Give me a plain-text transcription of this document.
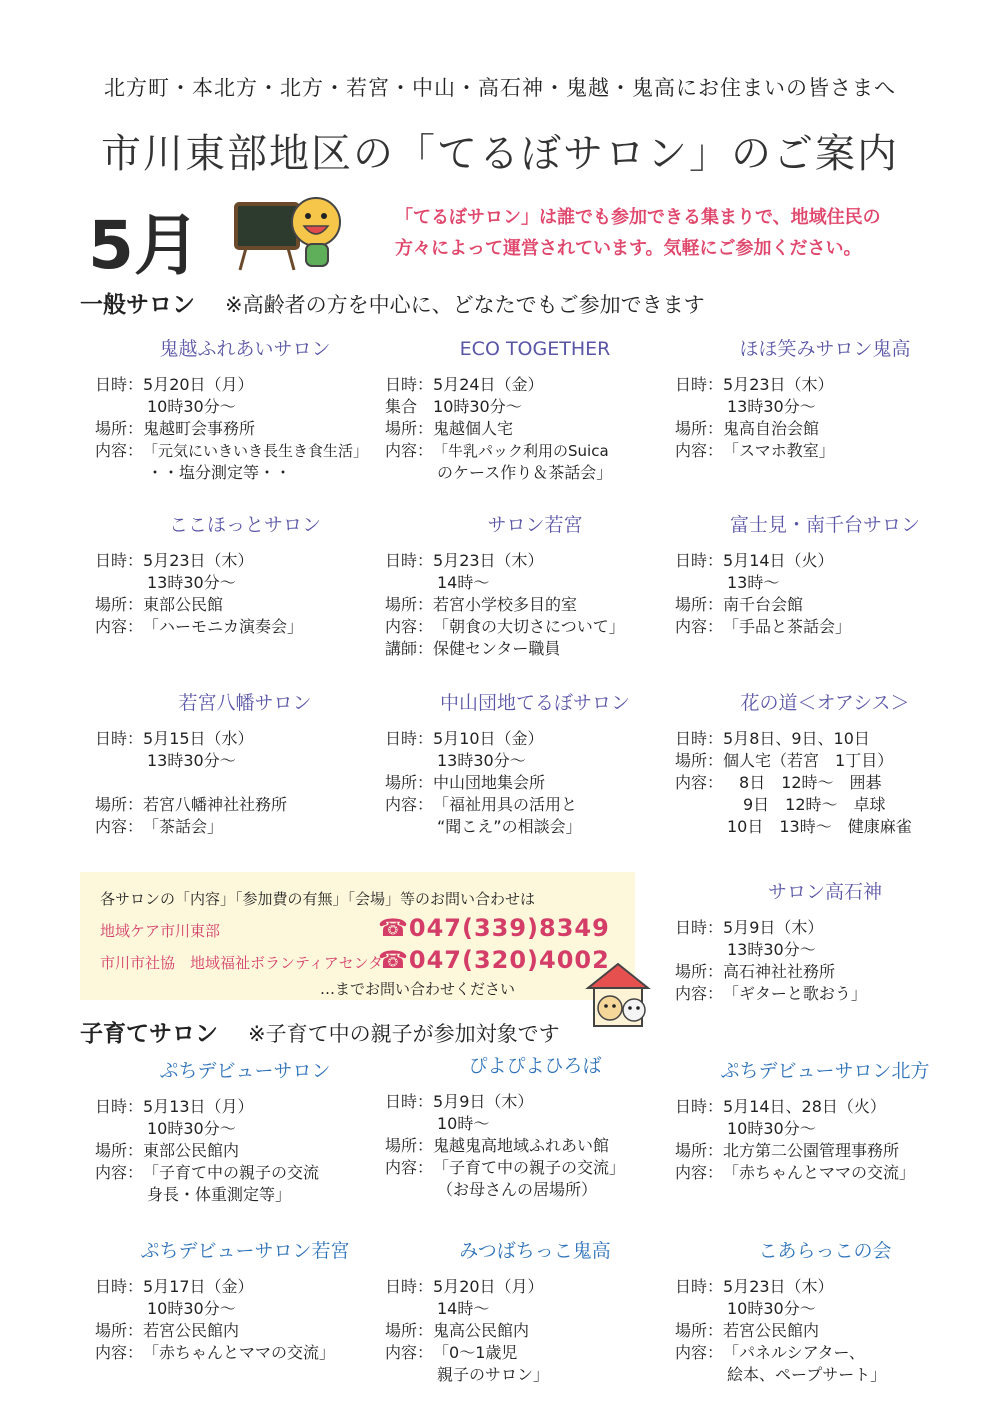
北方町・本北方・北方・若宮・中山・高石神・鬼越・鬼高にお住まいの皆さまへ
市川東部地区の「てるぼサロン」のご案内
5月	「てるぼサロン」は誰でも参加できる集まりで、地域住民の
方々によって運営されています。気軽にご参加ください。
一般サロン ※高齢者の方を中心に、どなたでもご参加できます
鬼越ふれあいサロン
日時： 5月20日（月）
10時30分～
場所： 鬼越町会事務所
内容： 「元気にいきいき長生き食生活」
・・塩分測定等・・
ECO TOGETHER
日時： 5月24日（金）
集合　 10時30分～
場所： 鬼越個人宅
内容： 「牛乳パック利用のSuica
のケース作り＆茶話会」
ほほ笑みサロン鬼高
日時： 5月23日（木）
13時30分～
場所： 鬼高自治会館
内容： 「スマホ教室」
ここほっとサロン
日時： 5月23日（木）
13時30分～
場所： 東部公民館
内容： 「ハーモニカ演奏会」
サロン若宮
日時： 5月23日（木）
14時～
場所： 若宮小学校多目的室
内容： 「朝食の大切さについて」
講師： 保健センター職員
富士見・南千台サロン
日時： 5月14日（火）
13時～
場所： 南千台会館
内容： 「手品と茶話会」
若宮八幡サロン
日時： 5月15日（水）
13時30分～
場所： 若宮八幡神社社務所
内容： 「茶話会」
中山団地てるぼサロン
日時： 5月10日（金）
13時30分～
場所： 中山団地集会所
内容： 「福祉用具の活用と
“聞こえ”の相談会」
花の道＜オアシス＞
日時： 5月8日、9日、10日
場所： 個人宅（若宮　1丁目）
内容： 　8日　12時～　囲碁
　9日　12時～　卓球
10日　13時～　健康麻雀
サロン高石神
日時： 5月9日（木）
13時30分～
場所： 高石神社社務所
内容： 「ギターと歌おう」
各サロンの「内容」「参加費の有無」「会場」等のお問い合わせは
地域ケア市川東部	☎047(339)8349
市川市社協　地域福祉ボランティアセンター
☎047(320)4002
…までお問い合わせください
子育てサロン ※子育て中の親子が参加対象です
ぷちデビューサロン
日時： 5月13日（月）
10時30分～
場所： 東部公民館内
内容： 「子育て中の親子の交流
身長・体重測定等」
ぴよぴよひろば
日時： 5月9日（木）
10時～
場所： 鬼越鬼高地域ふれあい館
内容： 「子育て中の親子の交流」
（お母さんの居場所）
ぷちデビューサロン北方
日時： 5月14日、28日（火）
10時30分～
場所： 北方第二公園管理事務所
内容： 「赤ちゃんとママの交流」
ぷちデビューサロン若宮
日時： 5月17日（金）
10時30分～
場所： 若宮公民館内
内容： 「赤ちゃんとママの交流」
みつばちっこ鬼高
日時： 5月20日（月）
14時～
場所： 鬼高公民館内
内容： 「0～1歳児
親子のサロン」
こあらっこの会
日時： 5月23日（木）
10時30分～
場所： 若宮公民館内
内容： 「パネルシアター、
絵本、ペープサート」
